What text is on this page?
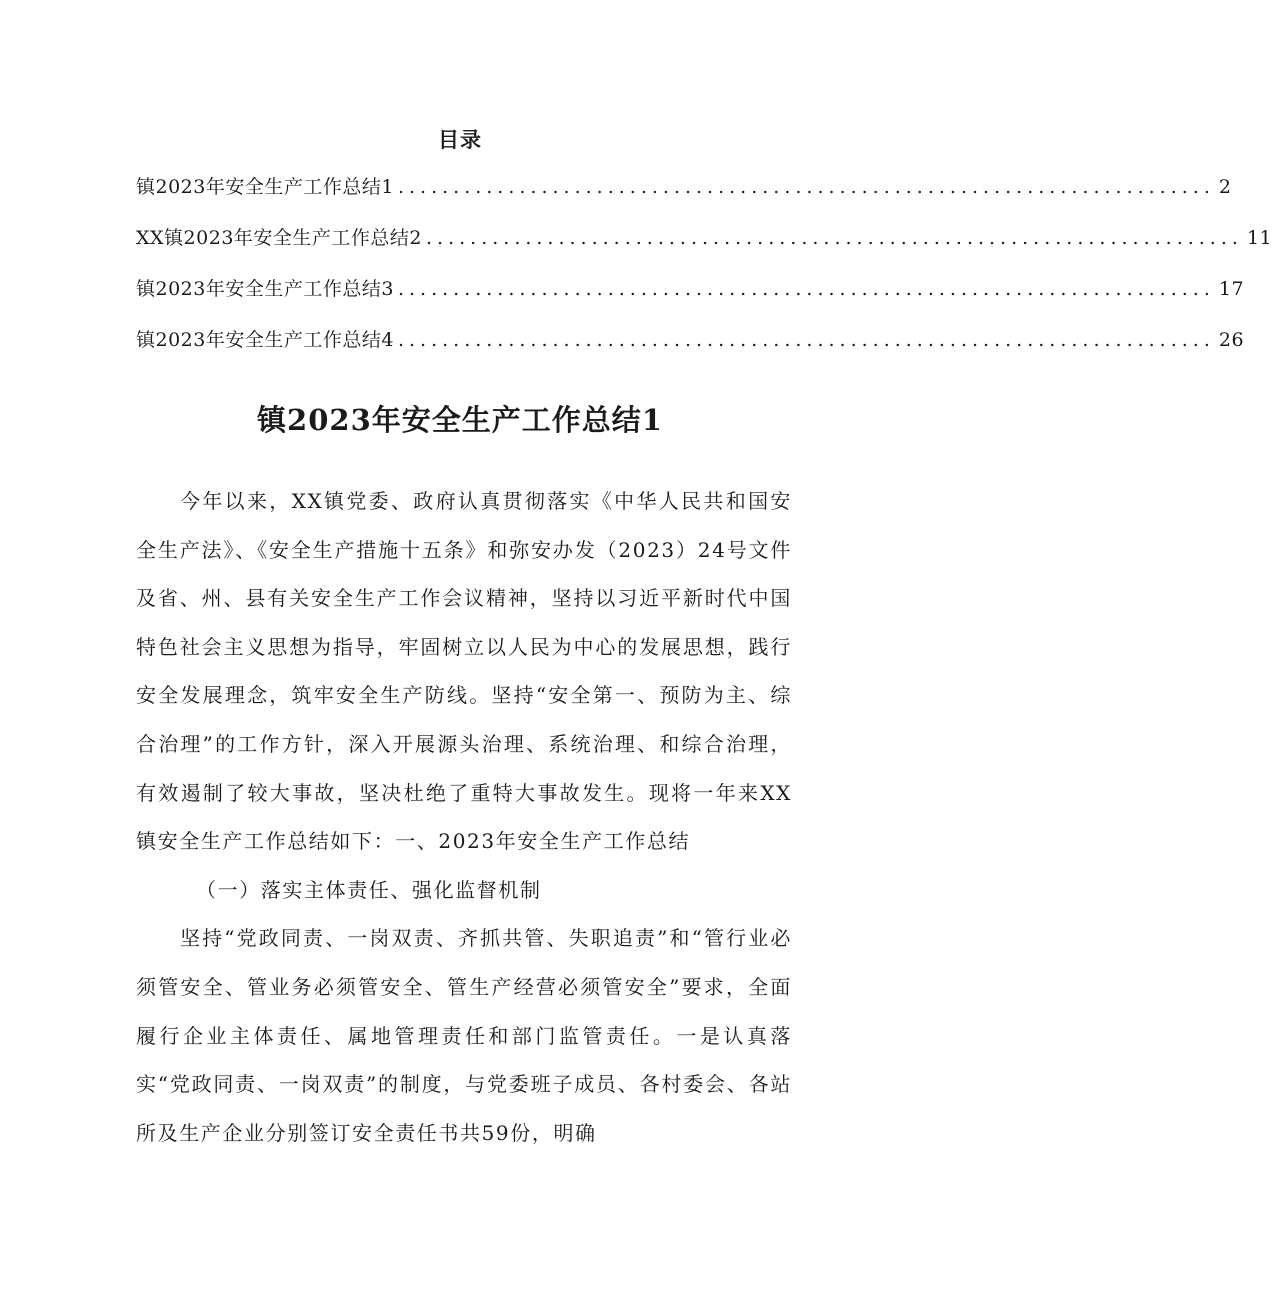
目录
镇2023年安全生产工作总结1 .......................................................................... 2
XX镇2023年安全生产工作总结2 .......................................................................... 11
镇2023年安全生产工作总结3 .......................................................................... 17
镇2023年安全生产工作总结4 .......................................................................... 26
镇2023年安全生产工作总结1

今年以来，XX镇党委、政府认真贯彻落实《中华人民共和国安全生产法》、《安全生产措施十五条》和弥安办发（2023）24号文件及省、州、县有关安全生产工作会议精神，坚持以习近平新时代中国特色社会主义思想为指导，牢固树立以人民为中心的发展思想，践行安全发展理念，筑牢安全生产防线。坚持“安全第一、预防为主、综合治理”的工作方针，深入开展源头治理、系统治理、和综合治理，有效遏制了较大事故，坚决杜绝了重特大事故发生。现将一年来XX镇安全生产工作总结如下：一、2023年安全生产工作总结

（一）落实主体责任、强化监督机制

坚持“党政同责、一岗双责、齐抓共管、失职追责”和“管行业必须管安全、管业务必须管安全、管生产经营必须管安全”要求，全面履行企业主体责任、属地管理责任和部门监管责任。一是认真落实“党政同责、一岗双责”的制度，与党委班子成员、各村委会、各站所及生产企业分别签订安全责任书共59份，明确
